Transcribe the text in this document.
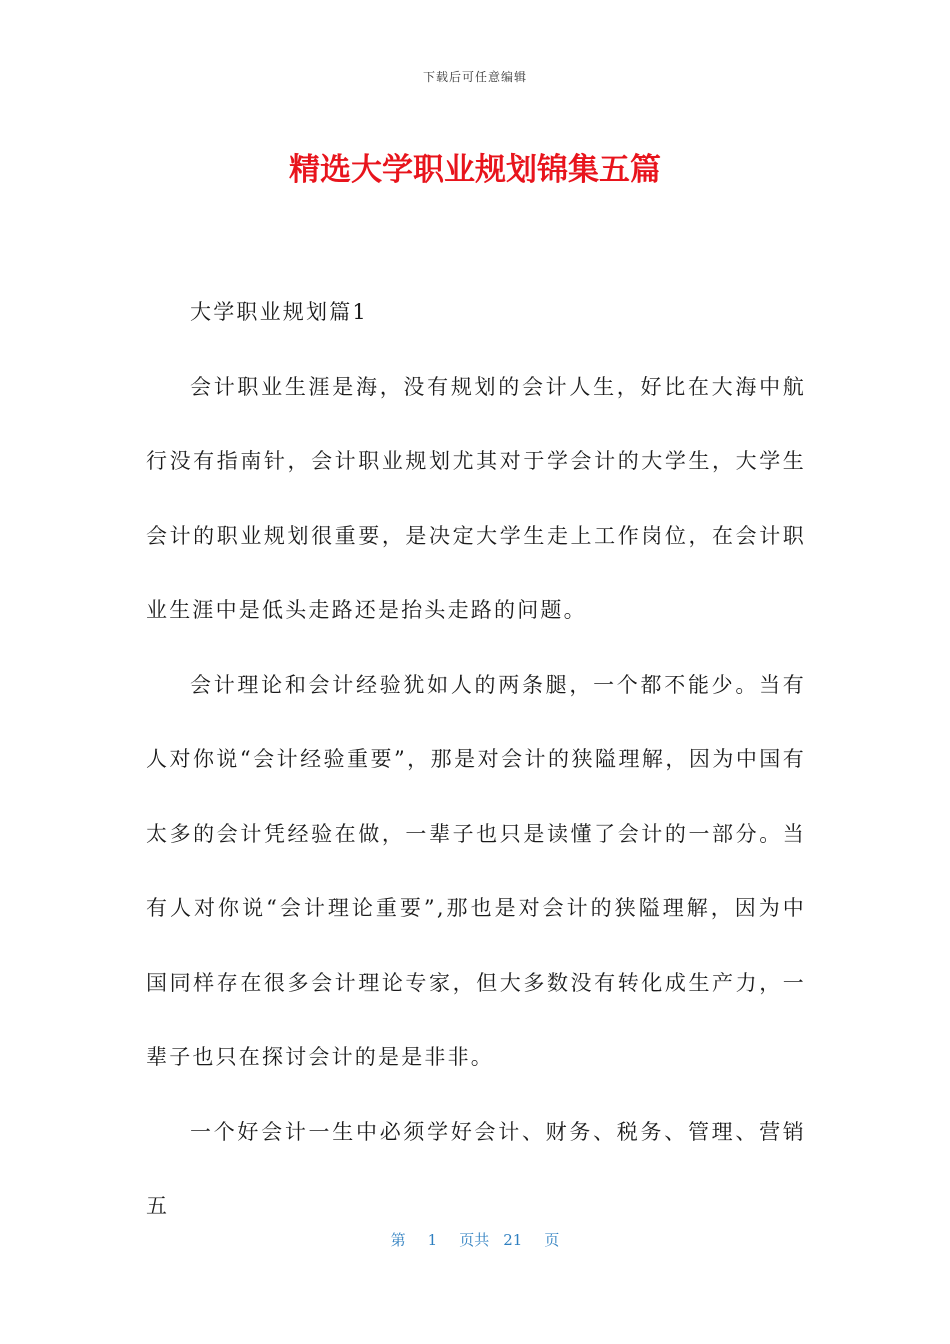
下载后可任意编辑
精选大学职业规划锦集五篇

大学职业规划篇1

会计职业生涯是海，没有规划的会计人生，好比在大海中航行没有指南针，会计职业规划尤其对于学会计的大学生，大学生会计的职业规划很重要，是决定大学生走上工作岗位，在会计职业生涯中是低头走路还是抬头走路的问题。

会计理论和会计经验犹如人的两条腿，一个都不能少。当有人对你说“会计经验重要”，那是对会计的狭隘理解，因为中国有太多的会计凭经验在做，一辈子也只是读懂了会计的一部分。当有人对你说“会计理论重要”,那也是对会计的狭隘理解，因为中国同样存在很多会计理论专家，但大多数没有转化成生产力，一辈子也只在探讨会计的是是非非。

一个好会计一生中必须学好会计、财务、税务、管理、营销五

第 1 页共 21 页
